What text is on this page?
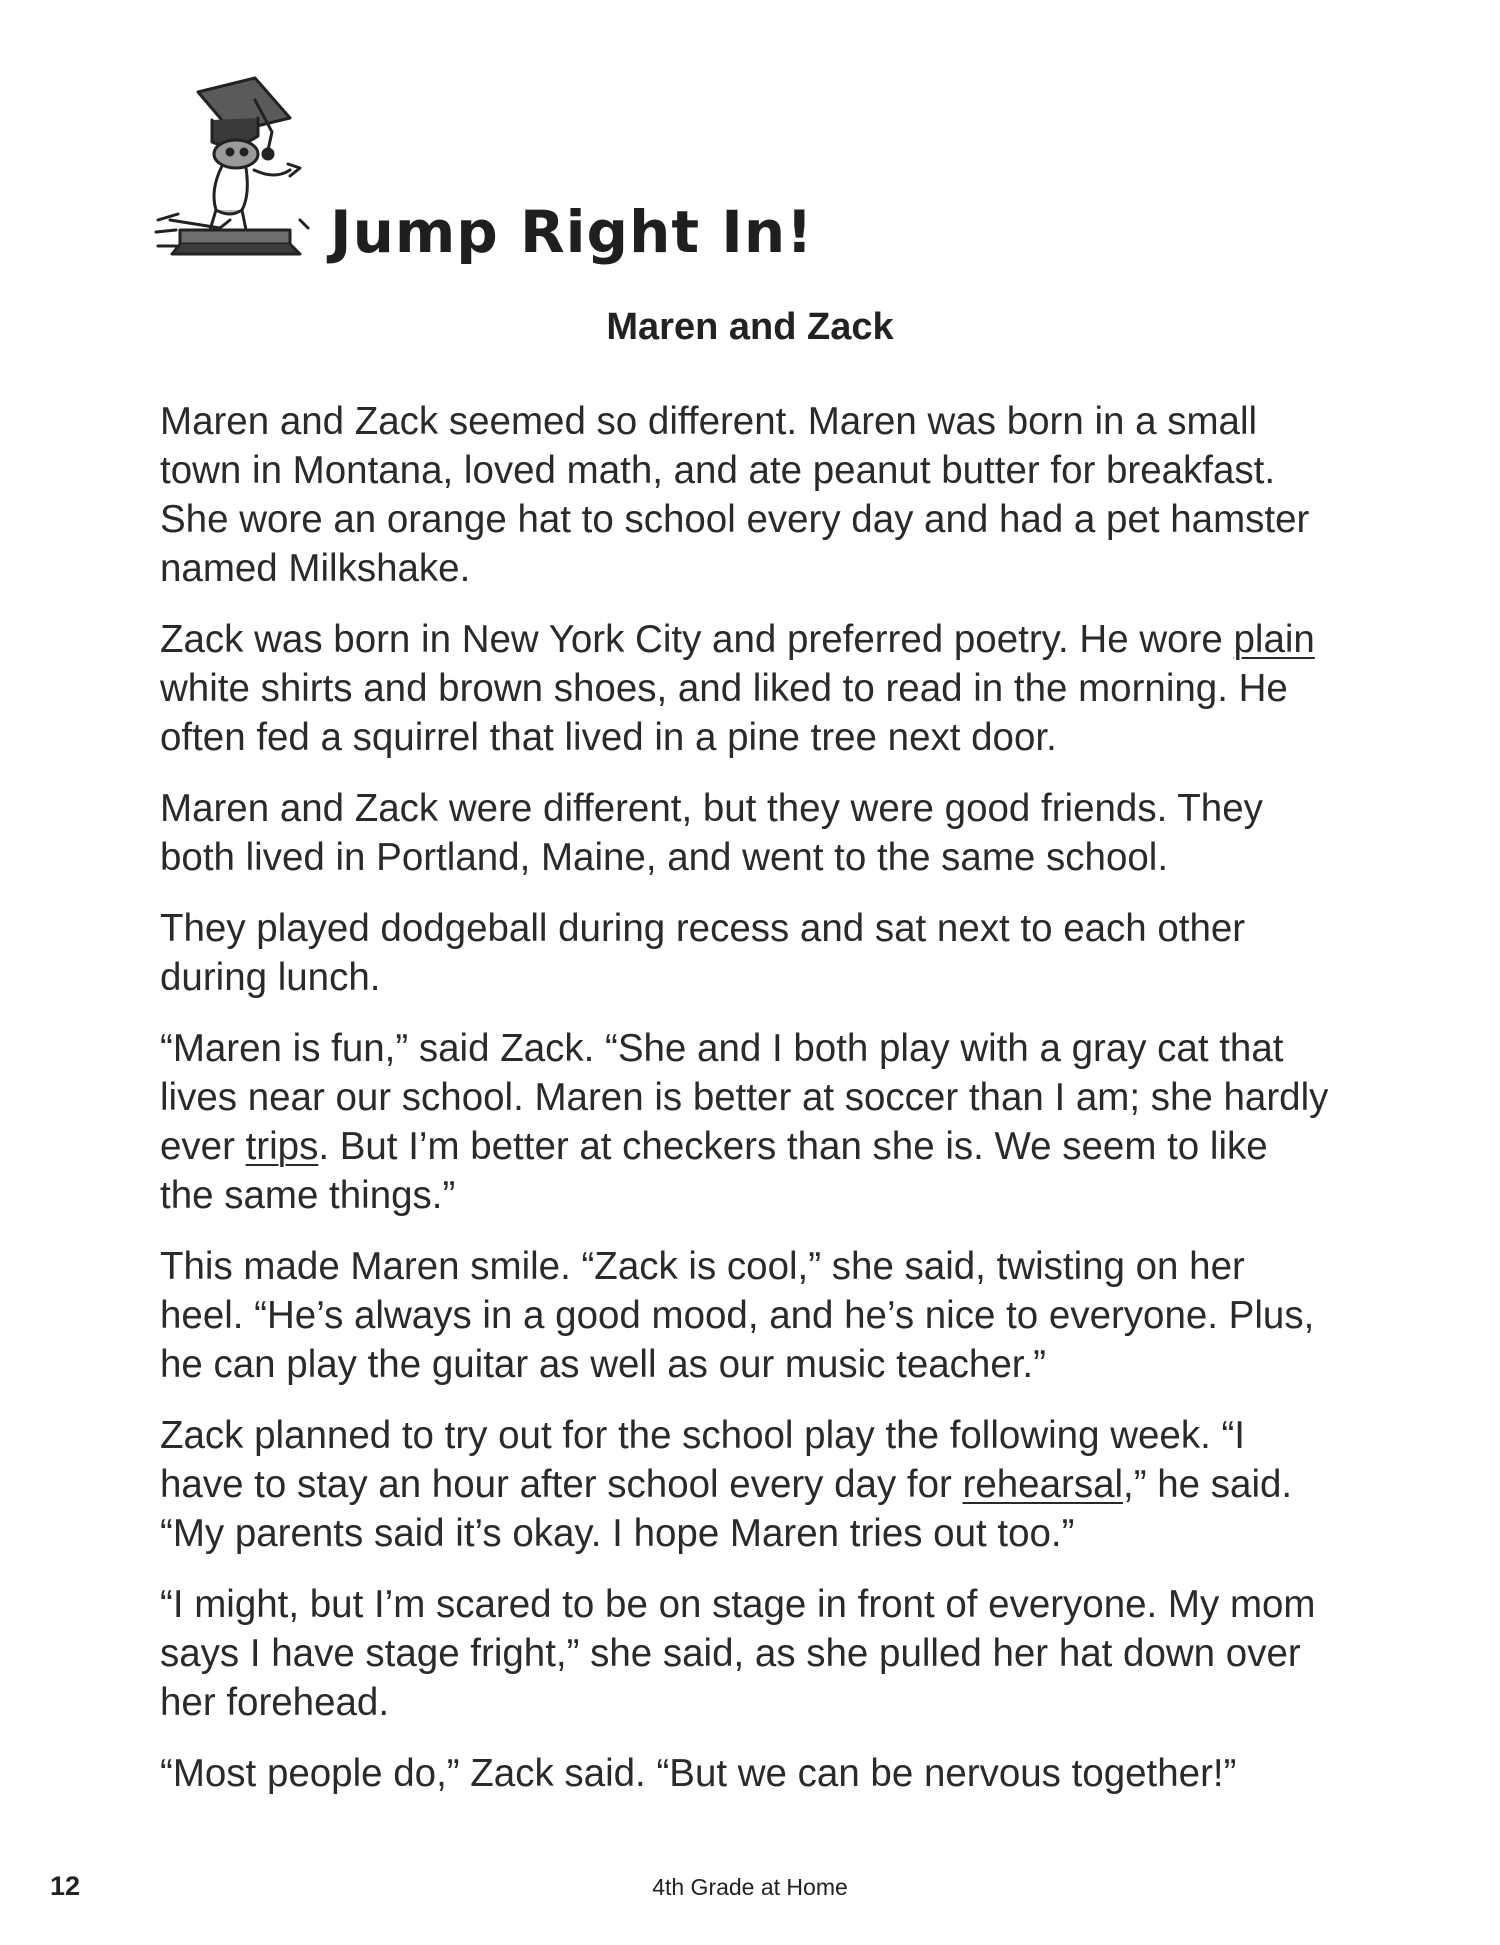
Jump Right In!
Maren and Zack

Maren and Zack seemed so different. Maren was born in a small town in Montana, loved math, and ate peanut butter for breakfast. She wore an orange hat to school every day and had a pet hamster named Milkshake.

Zack was born in New York City and preferred poetry. He wore plain white shirts and brown shoes, and liked to read in the morning. He often fed a squirrel that lived in a pine tree next door.

Maren and Zack were different, but they were good friends. They both lived in Portland, Maine, and went to the same school.

They played dodgeball during recess and sat next to each other during lunch.

“Maren is fun,” said Zack. “She and I both play with a gray cat that lives near our school. Maren is better at soccer than I am; she hardly ever trips. But I’m better at checkers than she is. We seem to like the same things.”

This made Maren smile. “Zack is cool,” she said, twisting on her heel. “He’s always in a good mood, and he’s nice to everyone. Plus, he can play the guitar as well as our music teacher.”

Zack planned to try out for the school play the following week. “I have to stay an hour after school every day for rehearsal,” he said. “My parents said it’s okay. I hope Maren tries out too.”

“I might, but I’m scared to be on stage in front of everyone. My mom says I have stage fright,” she said, as she pulled her hat down over her forehead.

“Most people do,” Zack said. “But we can be nervous together!”

12	4th Grade at Home
